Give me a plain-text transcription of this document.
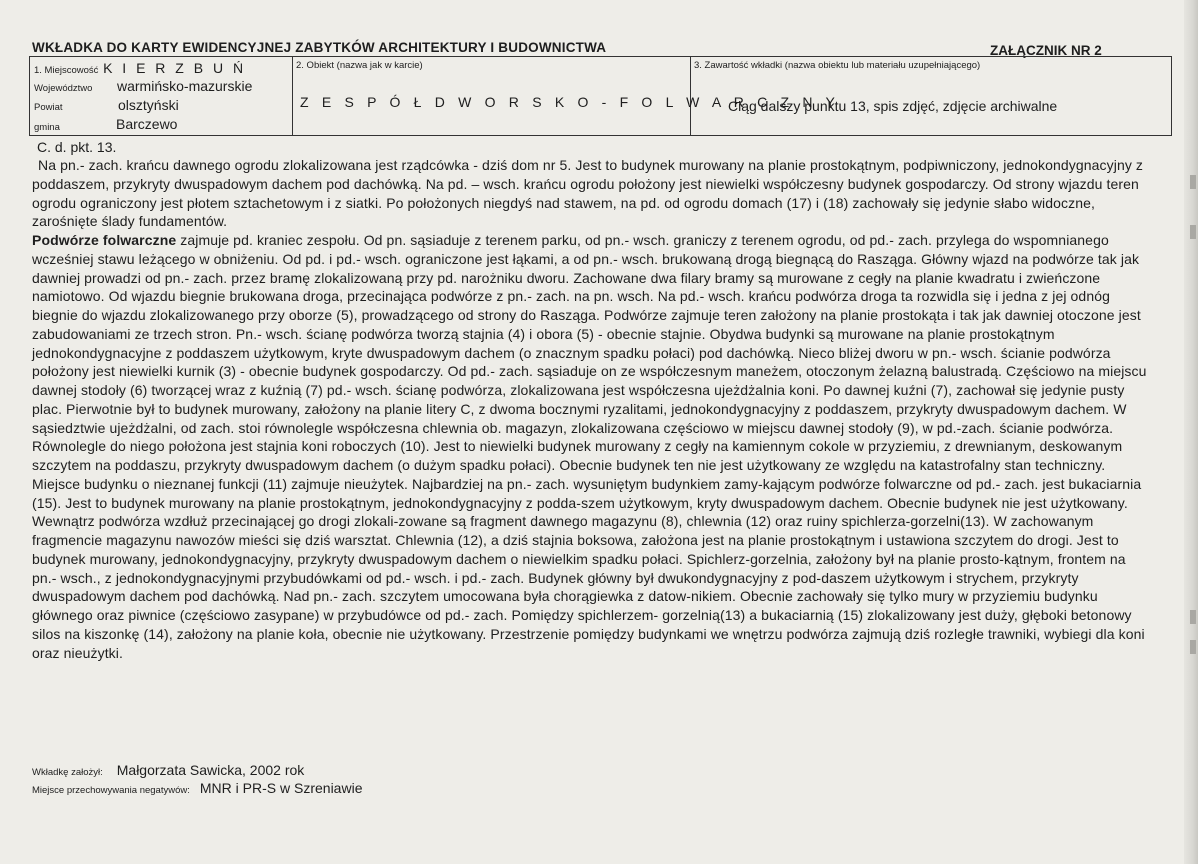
WKŁADKA DO KARTY EWIDENCYJNEJ ZABYTKÓW ARCHITEKTURY I BUDOWNICTWA	ZAŁĄCZNIK NR 2
1. Miejscowość K I E R Z B U Ń
Województwo warmińsko-mazurskie
Powiat	olsztyński
gmina	Barczewo
2. Obiekt (nazwa jak w karcie)
Z E S P Ó Ł D W O R S K O - F O L W A R C Z N Y
3. Zawartość wkładki (nazwa obiektu lub materiału uzupełniającego)
Ciąg dalszy punktu 13, spis zdjęć, zdjęcie archiwalne
C. d. pkt. 13.
Na pn.- zach. krańcu dawnego ogrodu zlokalizowana jest rządcówka - dziś dom nr 5. Jest to budynek murowany na planie prostokątnym, podpiwniczony, jednokondygnacyjny z poddaszem, przykryty dwuspadowym dachem pod dachówką. Na pd. – wsch. krańcu ogrodu położony jest niewielki współczesny budynek gospodarczy. Od strony wjazdu teren ogrodu ograniczony jest płotem sztachetowym i z siatki. Po położonych niegdyś nad stawem, na pd. od ogrodu domach (17) i (18) zachowały się jedynie słabo widoczne, zarośnięte ślady fundamentów.
Podwórze folwarczne zajmuje pd. kraniec zespołu. Od pn. sąsiaduje z terenem parku, od pn.- wsch. graniczy z terenem ogrodu, od pd.- zach. przylega do wspomnianego wcześniej stawu leżącego w obniżeniu. Od pd. i pd.- wsch. ograniczone jest łąkami, a od pn.- wsch. brukowaną drogą biegnącą do Rasząga. Główny wjazd na podwórze tak jak dawniej prowadzi od pn.- zach. przez bramę zlokalizowaną przy pd. narożniku dworu. Zachowane dwa filary bramy są murowane z cegły na planie kwadratu i zwieńczone namiotowo. Od wjazdu biegnie brukowana droga, przecinająca podwórze z pn.- zach. na pn. wsch. Na pd.- wsch. krańcu podwórza droga ta rozwidla się i jedna z jej odnóg biegnie do wjazdu zlokalizowanego przy oborze (5), prowadzącego od strony do Rasząga. Podwórze zajmuje teren założony na planie prostokąta i tak jak dawniej otoczone jest zabudowaniami ze trzech stron. Pn.- wsch. ścianę podwórza tworzą stajnia (4) i obora (5) - obecnie stajnie. Obydwa budynki są murowane na planie prostokątnym jednokondygnacyjne z poddaszem użytkowym, kryte dwuspadowym dachem (o znacznym spadku połaci) pod dachówką. Nieco bliżej dworu w pn.- wsch. ścianie podwórza położony jest niewielki kurnik (3) - obecnie budynek gospodarczy. Od pd.- zach. sąsiaduje on ze współczesnym maneżem, otoczonym żelazną balustradą. Częściowo na miejscu dawnej stodoły (6) tworzącej wraz z kuźnią (7) pd.- wsch. ścianę podwórza, zlokalizowana jest współczesna ujeżdżalnia koni. Po dawnej kuźni (7), zachował się jedynie pusty plac. Pierwotnie był to budynek murowany, założony na planie litery C, z dwoma bocznymi ryzalitami, jednokondygnacyjny z poddaszem, przykryty dwuspadowym dachem. W sąsiedztwie ujeżdżalni, od zach. stoi równolegle współczesna chlewnia ob. magazyn, zlokalizowana częściowo w miejscu dawnej stodoły (9), w pd.-zach. ścianie podwórza. Równolegle do niego położona jest stajnia koni roboczych (10). Jest to niewielki budynek murowany z cegły na kamiennym cokole w przyziemiu, z drewnianym, deskowanym szczytem na poddaszu, przykryty dwuspadowym dachem (o dużym spadku połaci). Obecnie budynek ten nie jest użytkowany ze względu na katastrofalny stan techniczny. Miejsce budynku o nieznanej funkcji (11) zajmuje nieużytek. Najbardziej na pn.- zach. wysuniętym budynkiem zamy-kającym podwórze folwarczne od pd.- zach. jest bukaciarnia (15). Jest to budynek murowany na planie prostokątnym, jednokondygnacyjny z podda-szem użytkowym, kryty dwuspadowym dachem. Obecnie budynek nie jest użytkowany. Wewnątrz podwórza wzdłuż przecinającej go drogi zlokali-zowane są fragment dawnego magazynu (8), chlewnia (12) oraz ruiny spichlerza-gorzelni(13). W zachowanym fragmencie magazynu nawozów mieści się dziś warsztat. Chlewnia (12), a dziś stajnia boksowa, założona jest na planie prostokątnym i ustawiona szczytem do drogi. Jest to budynek murowany, jednokondygnacyjny, przykryty dwuspadowym dachem o niewielkim spadku połaci. Spichlerz-gorzelnia, założony był na planie prosto-kątnym, frontem na pn.- wsch., z jednokondygnacyjnymi przybudówkami od pd.- wsch. i pd.- zach. Budynek główny był dwukondygnacyjny z pod-daszem użytkowym i strychem, przykryty dwuspadowym dachem pod dachówką. Nad pn.- zach. szczytem umocowana była chorągiewka z datow-nikiem. Obecnie zachowały się tylko mury w przyziemiu budynku głównego oraz piwnice (częściowo zasypane) w przybudówce od pd.- zach. Pomiędzy spichlerzem- gorzelnią(13) a bukaciarnią (15) zlokalizowany jest duży, głęboki betonowy silos na kiszonkę (14), założony na planie koła, obecnie nie użytkowany. Przestrzenie pomiędzy budynkami we wnętrzu podwórza zajmują dziś rozległe trawniki, wybiegi dla koni oraz nieużytki.
Wkładkę założył: Małgorzata Sawicka, 2002 rok
Miejsce przechowywania negatywów: MNR i PR-S w Szreniawie
